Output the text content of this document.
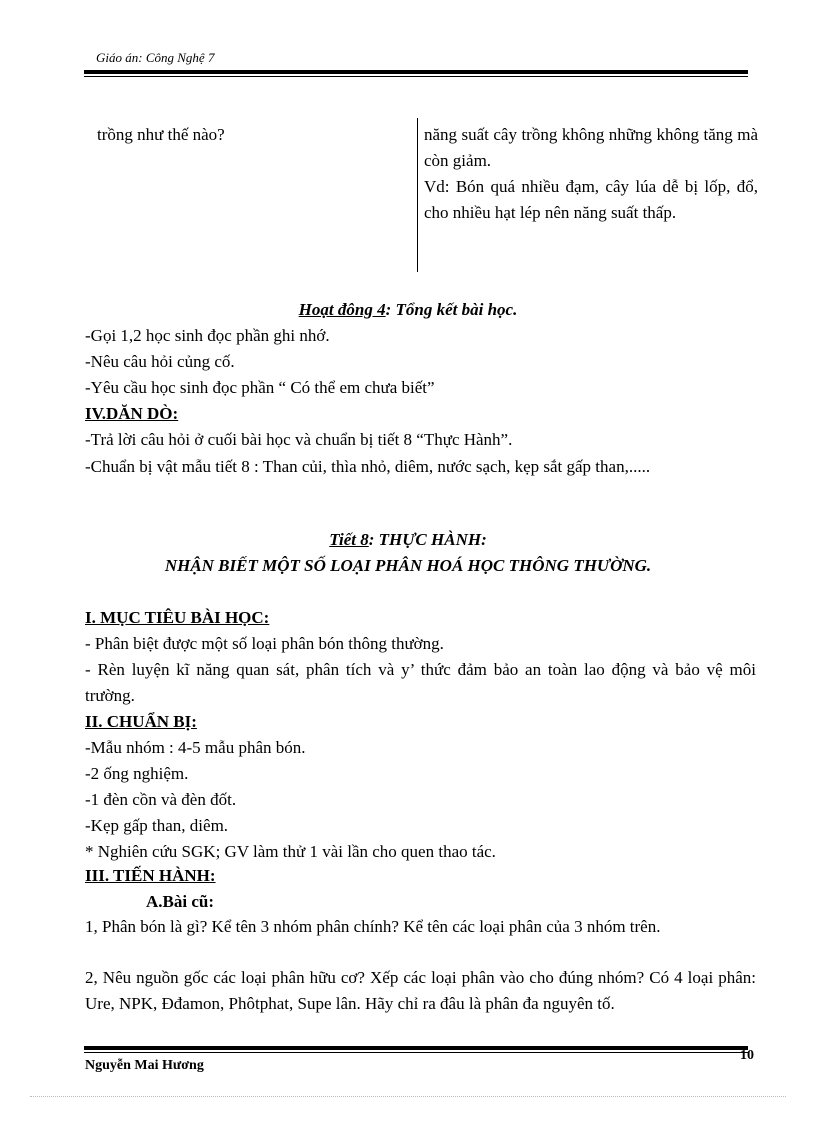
Giáo án: Công Nghệ 7
trồng như thế nào?	năng suất cây trồng không những không tăng mà còn giảm.
Vd: Bón quá nhiều đạm, cây lúa dễ bị lốp, đổ, cho nhiều hạt lép nên năng suất thấp.
Hoạt đông 4: Tổng kết bài học.
-Gọi 1,2 học sinh đọc phần ghi nhớ.
-Nêu câu hỏi củng cố.
-Yêu cầu học sinh đọc phần “ Có thể em chưa biết”
IV.DĂN DÒ:
-Trả lời câu hỏi ở cuối bài học và chuẩn bị tiết 8 “Thực Hành”.
-Chuẩn bị vật mẫu tiết 8 : Than củi, thìa nhỏ, diêm, nước sạch, kẹp sắt gấp than,.....
Tiết 8: THỰC HÀNH:
NHẬN BIẾT MỘT SỐ LOẠI PHÂN HOÁ HỌC THÔNG THƯỜNG.
I. MỤC TIÊU BÀI HỌC:
- Phân biệt được một số loại phân bón thông thường.
- Rèn luyện kĩ năng quan sát, phân tích và y’ thức đảm bảo an toàn lao động và bảo vệ môi trường.
II. CHUẨN BỊ:
-Mẫu nhóm : 4-5 mẫu phân bón.
-2 ống nghiệm.
-1 đèn cồn và đèn đốt.
-Kẹp gấp than, diêm.
* Nghiên cứu SGK; GV làm thử 1 vài lần cho quen thao tác.
III. TIẾN HÀNH:
A.Bài cũ:
1, Phân bón là gì? Kể tên 3 nhóm phân chính? Kể tên các loại phân của 3 nhóm trên.
2, Nêu nguồn gốc các loại phân hữu cơ? Xếp các loại phân vào cho đúng nhóm? Có 4 loại phân: Ure, NPK, Đđamon, Phôtphat, Supe lân. Hãy chỉ ra đâu là phân đa nguyên tố.
Nguyễn Mai Hương
10
